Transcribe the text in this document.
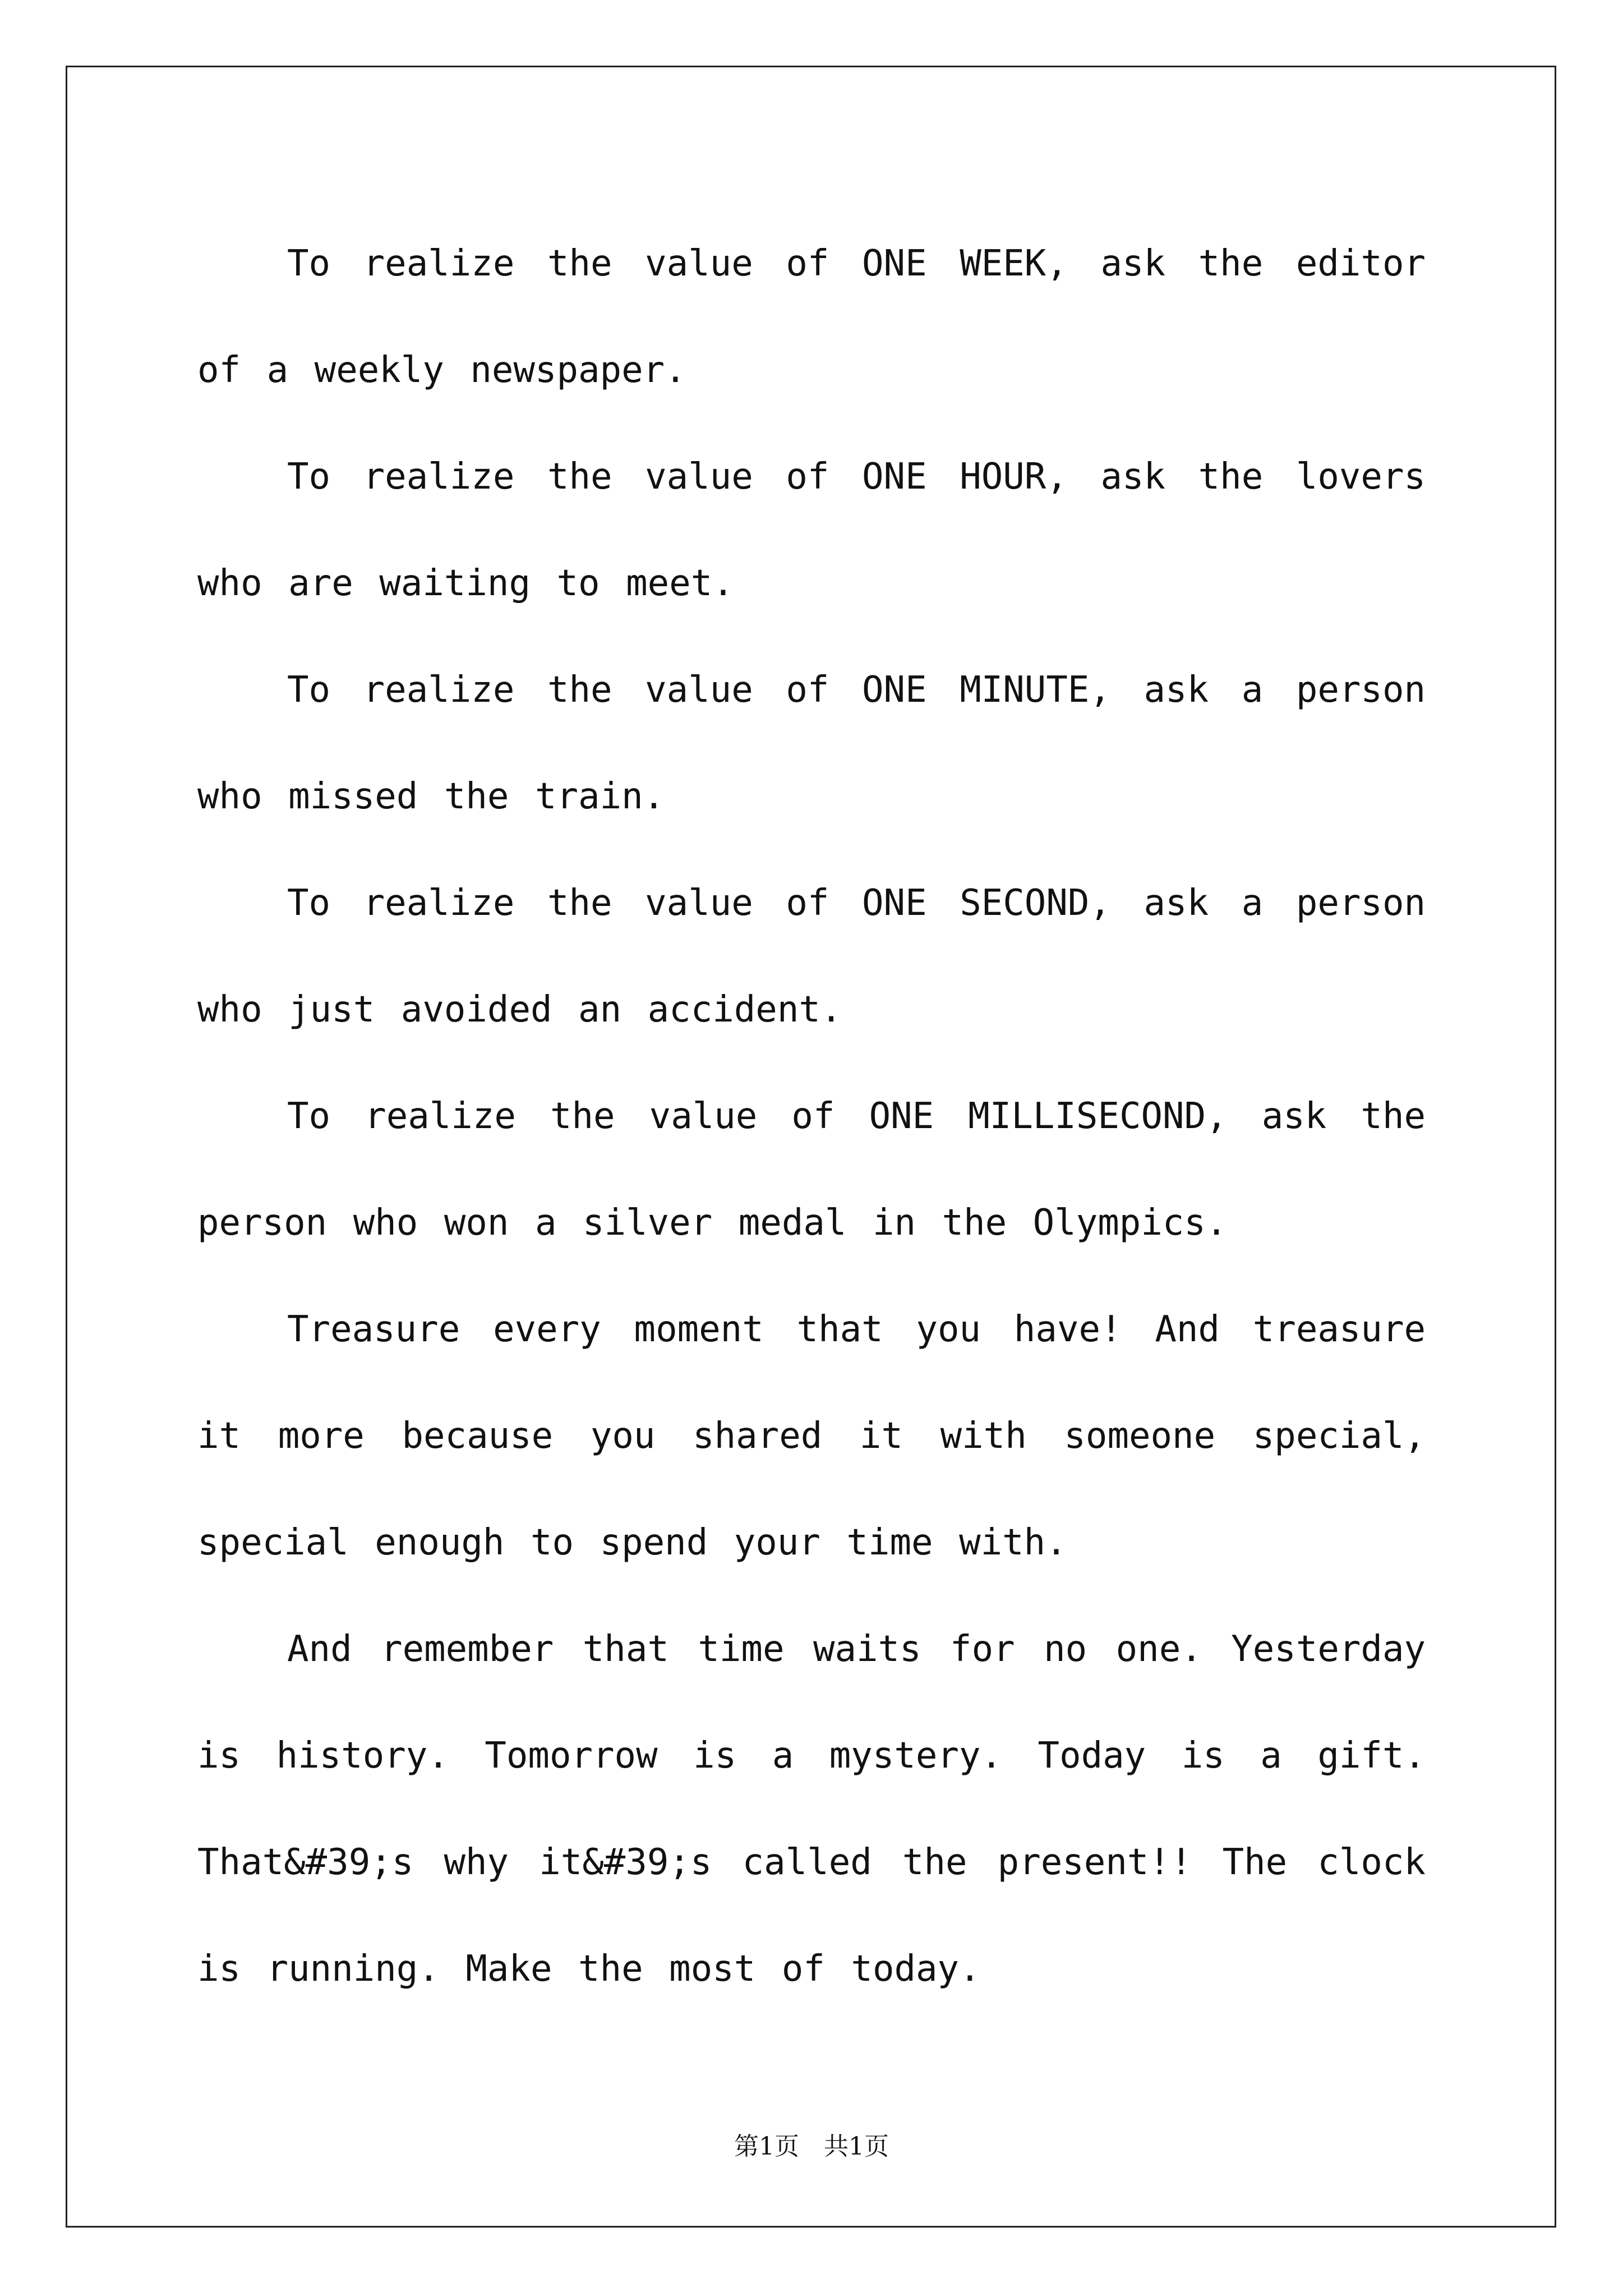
To realize the value of ONE WEEK, ask the editor of a weekly newspaper.

To realize the value of ONE HOUR, ask the lovers who are waiting to meet.

To realize the value of ONE MINUTE, ask a person who missed the train.

To realize the value of ONE SECOND, ask a person who just avoided an accident.

To realize the value of ONE MILLISECOND, ask the person who won a silver medal in the Olympics.

Treasure every moment that you have! And treasure it more because you shared it with someone special, special enough to spend your time with.

And remember that time waits for no one. Yesterday is history. Tomorrow is a mystery. Today is a gift. That&#39;s why it&#39;s called the present!! The clock is running. Make the most of today.

第1页 共1页
